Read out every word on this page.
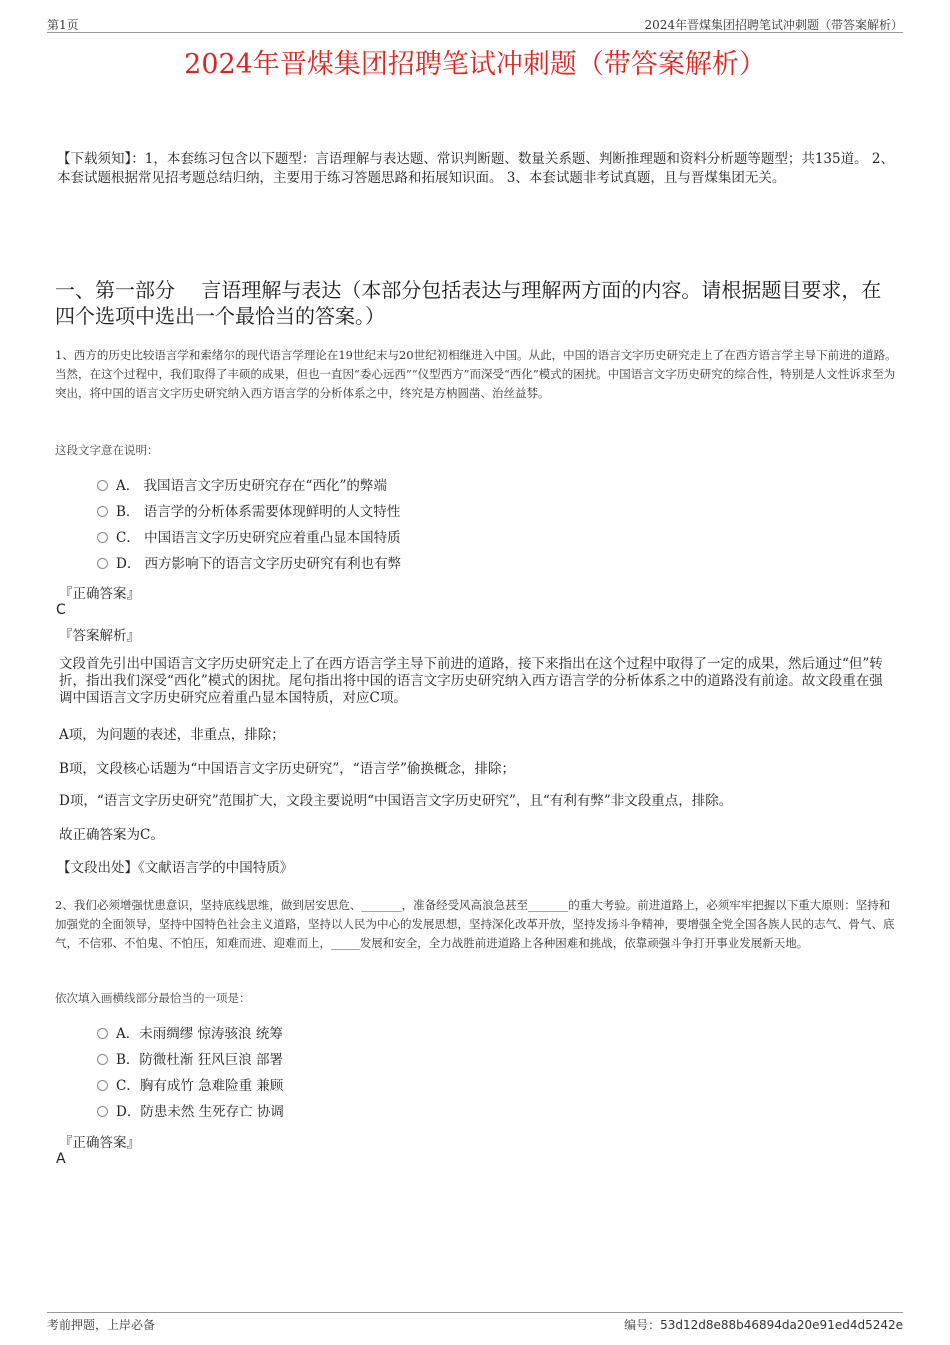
第1页	2024年晋煤集团招聘笔试冲刺题（带答案解析）
2024年晋煤集团招聘笔试冲刺题（带答案解析）
【下载须知】：1，本套练习包含以下题型：言语理解与表达题、常识判断题、数量关系题、判断推理题和资料分析题等题型；共135道。 2、本套试题根据常见招考题总结归纳，主要用于练习答题思路和拓展知识面。 3、本套试题非考试真题，且与晋煤集团无关。
一、第一部分　 言语理解与表达（本部分包括表达与理解两方面的内容。请根据题目要求，在四个选项中选出一个最恰当的答案。）

1、西方的历史比较语言学和索绪尔的现代语言学理论在19世纪末与20世纪初相继进入中国。从此，中国的语言文字历史研究走上了在西方语言学主导下前进的道路。当然，在这个过程中，我们取得了丰硕的成果，但也一直因“委心远西”“仪型西方”而深受“西化”模式的困扰。中国语言文字历史研究的综合性，特别是人文性诉求至为突出，将中国的语言文字历史研究纳入西方语言学的分析体系之中，终究是方枘圆凿、治丝益棼。

这段文字意在说明：
A． 我国语言文字历史研究存在“西化”的弊端
B． 语言学的分析体系需要体现鲜明的人文特性
C． 中国语言文字历史研究应着重凸显本国特质
D． 西方影响下的语言文字历史研究有利也有弊
『正确答案』
C
『答案解析』

文段首先引出中国语言文字历史研究走上了在西方语言学主导下前进的道路，接下来指出在这个过程中取得了一定的成果，然后通过“但”转折，指出我们深受“西化”模式的困扰。尾句指出将中国的语言文字历史研究纳入西方语言学的分析体系之中的道路没有前途。故文段重在强调中国语言文字历史研究应着重凸显本国特质，对应C项。

A项，为问题的表述，非重点，排除；

B项，文段核心话题为“中国语言文字历史研究”，“语言学”偷换概念，排除；

D项，“语言文字历史研究”范围扩大，文段主要说明“中国语言文字历史研究”，且“有利有弊”非文段重点，排除。

故正确答案为C。

【文段出处】《文献语言学的中国特质》

2、我们必须增强忧患意识，坚持底线思维，做到居安思危、_______，准备经受风高浪急甚至_______的重大考验。前进道路上，必须牢牢把握以下重大原则：坚持和加强党的全面领导，坚持中国特色社会主义道路，坚持以人民为中心的发展思想，坚持深化改革开放，坚持发扬斗争精神，要增强全党全国各族人民的志气、骨气、底气，不信邪、不怕鬼、不怕压，知难而进、迎难而上，_____发展和安全，全力战胜前进道路上各种困难和挑战，依靠顽强斗争打开事业发展新天地。

依次填入画横线部分最恰当的一项是：
A．未雨绸缪 惊涛骇浪 统筹
B．防微杜渐 狂风巨浪 部署
C．胸有成竹 急难险重 兼顾
D．防患未然 生死存亡 协调
『正确答案』
A
考前押题，上岸必备	编号：53d12d8e88b46894da20e91ed4d5242e
